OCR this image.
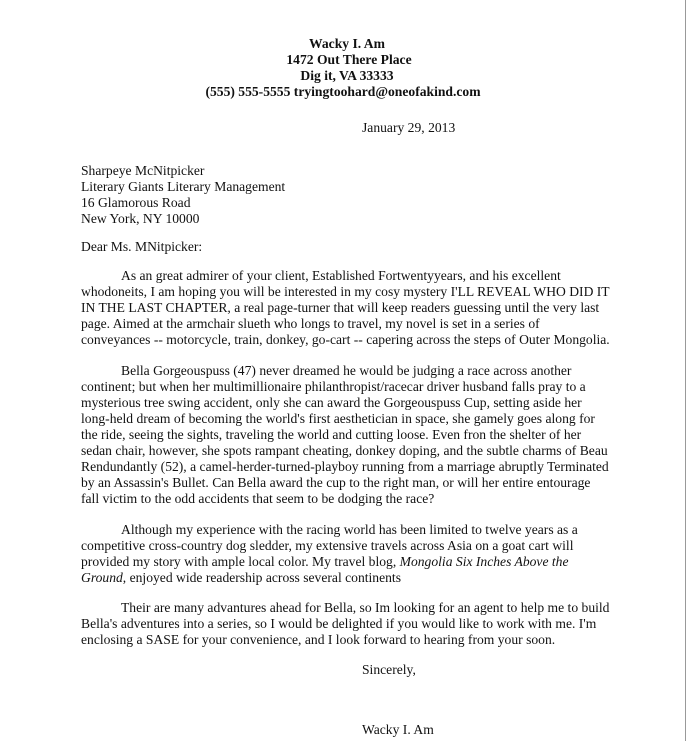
Wacky I. Am
1472 Out There Place
Dig it, VA 33333
(555) 555-5555 tryingtoohard@oneofakind.com
January 29, 2013
Sharpeye McNitpicker
Literary Giants Literary Management
16 Glamorous Road
New York, NY 10000
Dear Ms. MNitpicker:

As an great admirer of your client, Established Fortwentyyears, and his excellent whodoneits, I am hoping you will be interested in my cosy mystery I'LL REVEAL WHO DID IT IN THE LAST CHAPTER, a real page-turner that will keep readers guessing until the very last page. Aimed at the armchair slueth who longs to travel, my novel is set in a series of conveyances -- motorcycle, train, donkey, go-cart -- capering across the steps of Outer Mongolia.

Bella Gorgeouspuss (47) never dreamed he would be judging a race across another continent; but when her multimillionaire philanthropist/racecar driver husband falls pray to a mysterious tree swing accident, only she can award the Gorgeouspuss Cup, setting aside her long-held dream of becoming the world's first aesthetician in space, she gamely goes along for the ride, seeing the sights, traveling the world and cutting loose. Even fron the shelter of her sedan chair, however, she spots rampant cheating, donkey doping, and the subtle charms of Beau Rendundantly (52), a camel-herder-turned-playboy running from a marriage abruptly Terminated by an Assassin's Bullet. Can Bella award the cup to the right man, or will her entire entourage fall victim to the odd accidents that seem to be dodging the race?

Although my experience with the racing world has been limited to twelve years as a competitive cross-country dog sledder, my extensive travels across Asia on a goat cart will provided my story with ample local color. My travel blog, Mongolia Six Inches Above the Ground, enjoyed wide readership across several continents

Their are many advantures ahead for Bella, so Im looking for an agent to help me to build Bella's adventures into a series, so I would be delighted if you would like to work with me. I'm enclosing a SASE for your convenience, and I look forward to hearing from your soon.

Sincerely,
Wacky I. Am
